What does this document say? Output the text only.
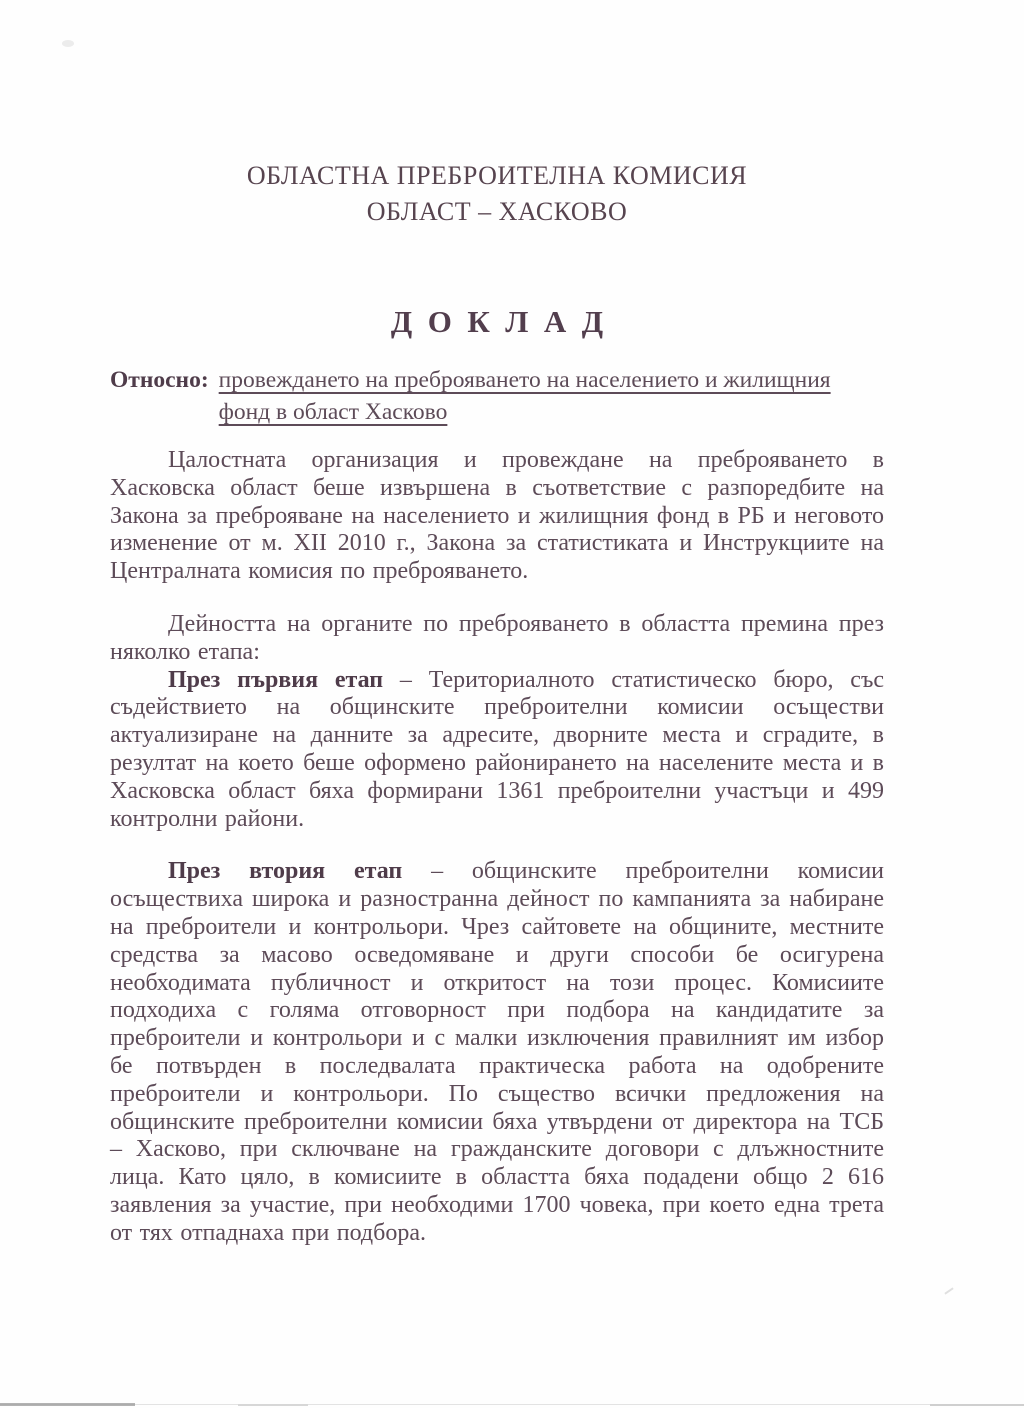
ОБЛАСТНА ПРЕБРОИТЕЛНА КОМИСИЯ
ОБЛАСТ – ХАСКОВО
ДОКЛАД
Относно: провеждането на преброяването на населението и жилищния фонд в област Хасково

Цалостната организация и провеждане на преброяването в Хасковска област беше извършена в съответствие с разпоредбите на Закона за преброяване на населението и жилищния фонд в РБ и неговото изменение от м. XII 2010 г., Закона за статистиката и Инструкциите на Централната комисия по преброяването.

Дейността на органите по преброяването в областта премина през няколко етапа:

През първия етап – Териториалното статистическо бюро, със съдействието на общинските преброителни комисии осъществи актуализиране на данните за адресите, дворните места и сградите, в резултат на което беше оформено районирането на населените места и в Хасковска област бяха формирани 1361 преброителни участъци и 499 контролни райони.

През втория етап – общинските преброителни комисии осъществиха широка и разностранна дейност по кампанията за набиране на преброители и контрольори. Чрез сайтовете на общините, местните средства за масово осведомяване и други способи бе осигурена необходимата публичност и откритост на този процес. Комисиите подходиха с голяма отговорност при подбора на кандидатите за преброители и контрольори и с малки изключения правилният им избор бе потвърден в последвалата практическа работа на одобрените преброители и контрольори. По същество всички предложения на общинските преброителни комисии бяха утвърдени от директора на ТСБ – Хасково, при сключване на гражданските договори с длъжностните лица. Като цяло, в комисиите в областта бяха подадени общо 2 616 заявления за участие, при необходими 1700 човека, при което една трета от тях отпаднаха при подбора.
